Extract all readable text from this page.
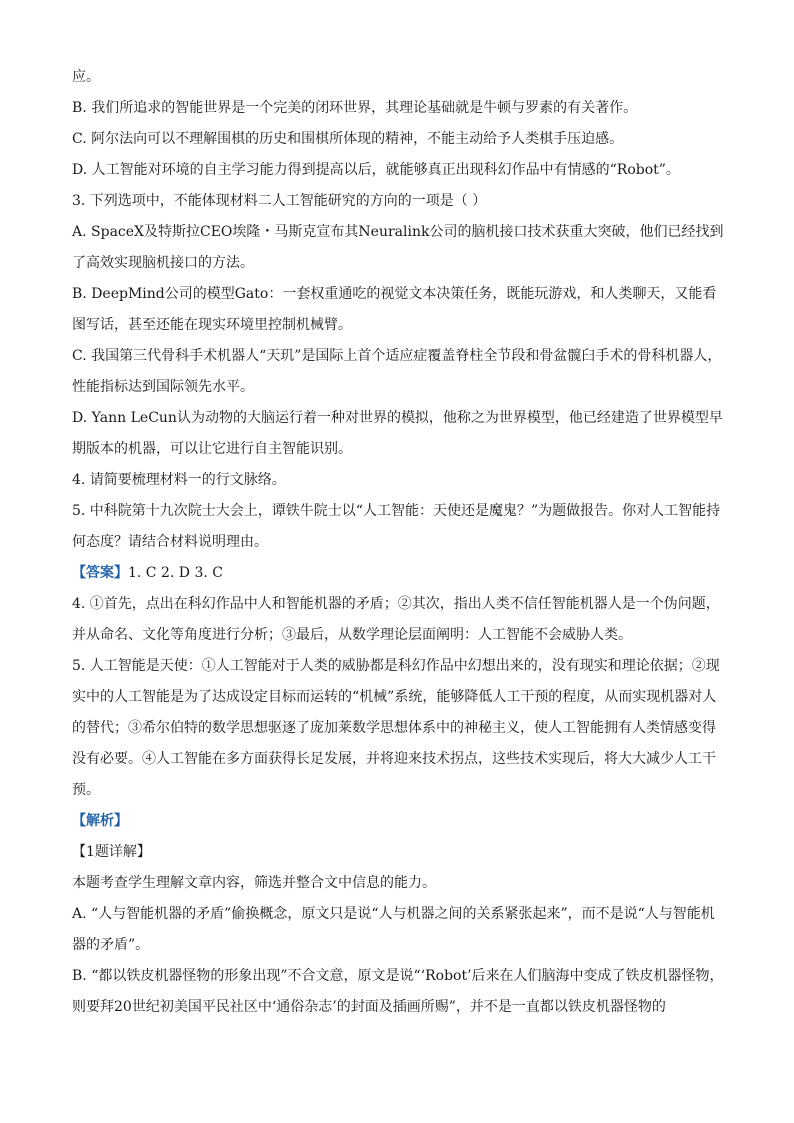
应。

B. 我们所追求的智能世界是一个完美的闭环世界，其理论基础就是牛顿与罗素的有关著作。

C. 阿尔法向可以不理解围棋的历史和围棋所体现的精神，不能主动给予人类棋手压迫感。

D. 人工智能对环境的自主学习能力得到提高以后，就能够真正出现科幻作品中有情感的“Robot”。

3. 下列选项中，不能体现材料二人工智能研究的方向的一项是（ ）

A. SpaceX及特斯拉CEO埃隆・马斯克宣布其Neuralink公司的脑机接口技术获重大突破，他们已经找到了高效实现脑机接口的方法。

B. DeepMind公司的模型Gato：一套权重通吃的视觉文本决策任务，既能玩游戏，和人类聊天，又能看图写话，甚至还能在现实环境里控制机械臂。

C. 我国第三代骨科手术机器人“天玑”是国际上首个适应症覆盖脊柱全节段和骨盆髋臼手术的骨科机器人，性能指标达到国际领先水平。

D. Yann LeCun认为动物的大脑运行着一种对世界的模拟，他称之为世界模型，他已经建造了世界模型早期版本的机器，可以让它进行自主智能识别。

4. 请简要梳理材料一的行文脉络。

5. 中科院第十九次院士大会上，谭铁牛院士以“人工智能：天使还是魔鬼？”为题做报告。你对人工智能持何态度？请结合材料说明理由。

【答案】1. C 2. D 3. C

4. ①首先，点出在科幻作品中人和智能机器的矛盾；②其次，指出人类不信任智能机器人是一个伪问题，并从命名、文化等角度进行分析；③最后，从数学理论层面阐明：人工智能不会威胁人类。

5. 人工智能是天使：①人工智能对于人类的威胁都是科幻作品中幻想出来的，没有现实和理论依据；②现实中的人工智能是为了达成设定目标而运转的“机械”系统，能够降低人工干预的程度，从而实现机器对人的替代；③希尔伯特的数学思想驱逐了庞加莱数学思想体系中的神秘主义，使人工智能拥有人类情感变得没有必要。④人工智能在多方面获得长足发展，并将迎来技术拐点，这些技术实现后，将大大减少人工干预。

【解析】

【1题详解】

本题考查学生理解文章内容，筛选并整合文中信息的能力。

A. “人与智能机器的矛盾”偷换概念，原文只是说“人与机器之间的关系紧张起来”，而不是说“人与智能机器的矛盾”。

B. “都以铁皮机器怪物的形象出现”不合文意，原文是说“‘Robot’后来在人们脑海中变成了铁皮机器怪物，则要拜20世纪初美国平民社区中‘通俗杂志’的封面及插画所赐”，并不是一直都以铁皮机器怪物的
